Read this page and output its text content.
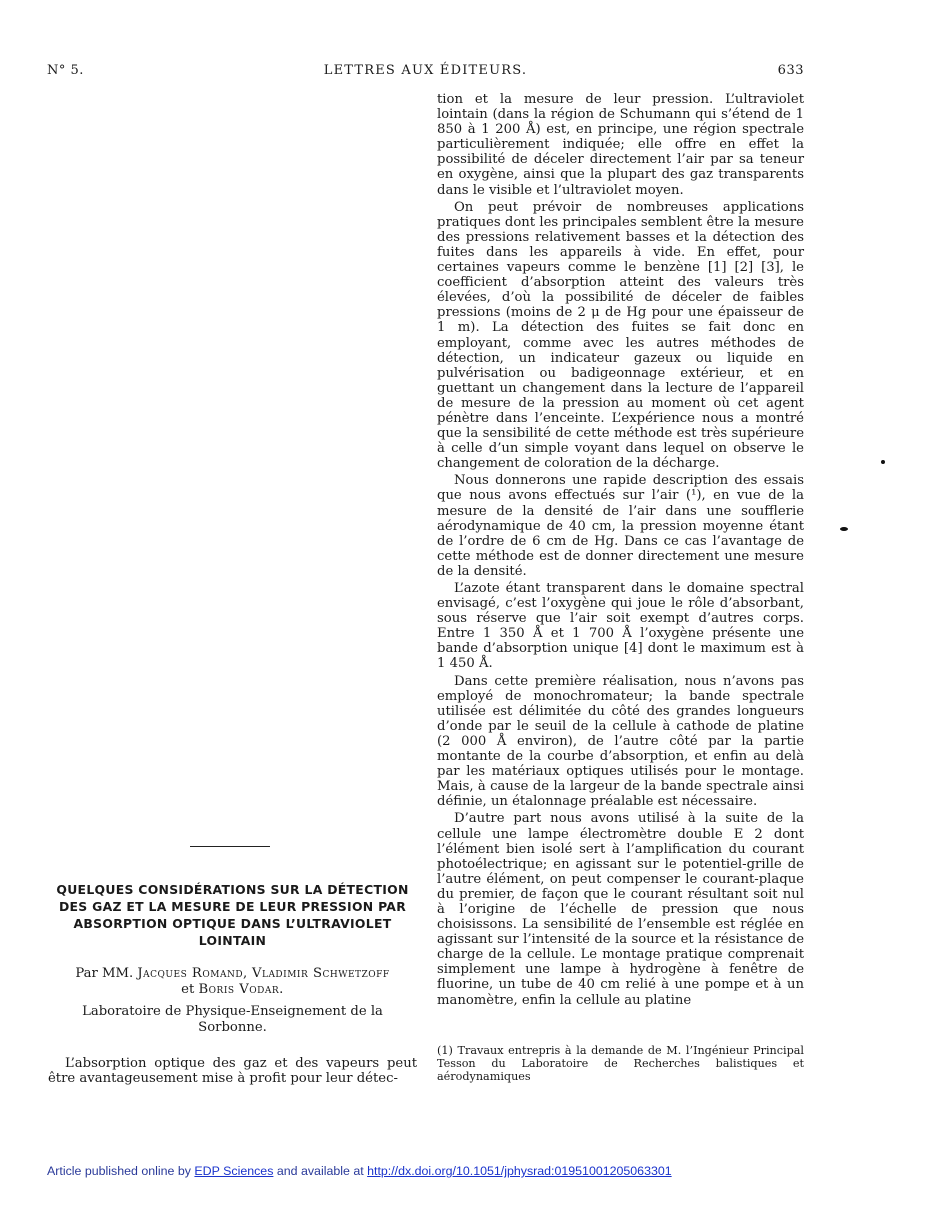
N° 5.	LETTRES AUX ÉDITEURS.	633

tion et la mesure de leur pression. L’ultraviolet lointain (dans la région de Schumann qui s’étend de 1 850 à 1 200 Å) est, en principe, une région spectrale particulièrement indiquée; elle offre en effet la possibilité de déceler directement l’air par sa teneur en oxygène, ainsi que la plupart des gaz transparents dans le visible et l’ultraviolet moyen.

On peut prévoir de nombreuses applications pratiques dont les principales semblent être la mesure des pressions relativement basses et la détection des fuites dans les appareils à vide. En effet, pour certaines vapeurs comme le benzène [1] [2] [3], le coefficient d’absorption atteint des valeurs très élevées, d’où la possibilité de déceler de faibles pressions (moins de 2 μ de Hg pour une épaisseur de 1 m). La détection des fuites se fait donc en employant, comme avec les autres méthodes de détection, un indicateur gazeux ou liquide en pulvérisation ou badigeonnage extérieur, et en guettant un changement dans la lecture de l’appareil de mesure de la pression au moment où cet agent pénètre dans l’enceinte. L’expérience nous a montré que la sensibilité de cette méthode est très supérieure à celle d’un simple voyant dans lequel on observe le changement de coloration de la décharge.

Nous donnerons une rapide description des essais que nous avons effectués sur l’air (¹), en vue de la mesure de la densité de l’air dans une soufflerie aérodynamique de 40 cm, la pression moyenne étant de l’ordre de 6 cm de Hg. Dans ce cas l’avantage de cette méthode est de donner directement une mesure de la densité.

L’azote étant transparent dans le domaine spectral envisagé, c’est l’oxygène qui joue le rôle d’absorbant, sous réserve que l’air soit exempt d’autres corps. Entre 1 350 Å et 1 700 Å l’oxygène présente une bande d’absorption unique [4] dont le maximum est à 1 450 Å.

Dans cette première réalisation, nous n’avons pas employé de monochromateur; la bande spectrale utilisée est délimitée du côté des grandes longueurs d’onde par le seuil de la cellule à cathode de platine (2 000 Å environ), de l’autre côté par la partie montante de la courbe d’absorption, et enfin au delà par les matériaux optiques utilisés pour le montage. Mais, à cause de la largeur de la bande spectrale ainsi définie, un étalonnage préalable est nécessaire.

D’autre part nous avons utilisé à la suite de la cellule une lampe électromètre double E 2 dont l’élément bien isolé sert à l’amplification du courant photoélectrique; en agissant sur le potentiel-grille de l’autre élément, on peut compenser le courant-plaque du premier, de façon que le courant résultant soit nul à l’origine de l’échelle de pression que nous choisissons. La sensibilité de l’ensemble est réglée en agissant sur l’intensité de la source et la résistance de charge de la cellule. Le montage pratique comprenait simplement une lampe à hydrogène à fenêtre de fluorine, un tube de 40 cm relié à une pompe et à un manomètre, enfin la cellule au platine

QUELQUES CONSIDÉRATIONS SUR LA DÉTECTION DES GAZ ET LA MESURE DE LEUR PRESSION PAR ABSORPTION OPTIQUE DANS L’ULTRAVIOLET LOINTAIN
Par MM. Jacques Romand, Vladimir Schwetzoff
et Boris Vodar.
Laboratoire de Physique-Enseignement de la Sorbonne.

L’absorption optique des gaz et des vapeurs peut être avantageusement mise à profit pour leur détec-

(1) Travaux entrepris à la demande de M. l’Ingénieur Principal Tesson du Laboratoire de Recherches balistiques et aérodynamiques
Article published online by EDP Sciences and available at http://dx.doi.org/10.1051/jphysrad:01951001205063301
